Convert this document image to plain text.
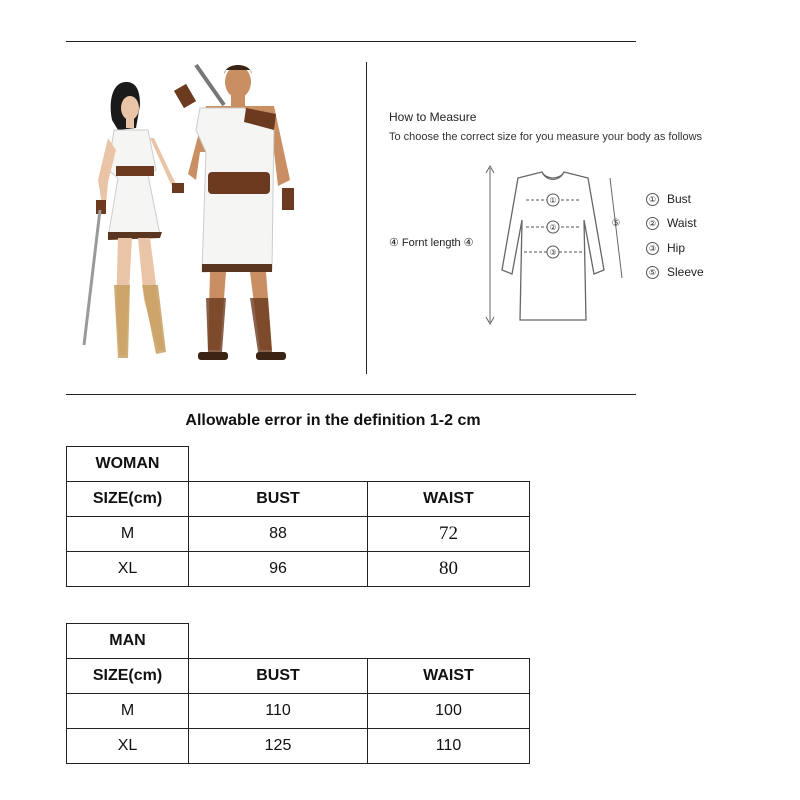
How to Measure
To choose the correct size for you measure your body as follows
④ Fornt length ④
①
②
③
⑤
① Bust
② Waist
③ Hip
⑤ Sleeve
Allowable error in the definition 1-2 cm
WOMAN
SIZE(cm)	BUST	WAIST
M	88	72
XL	96	80
MAN
SIZE(cm)	BUST	WAIST
M	110	100
XL	125	110
